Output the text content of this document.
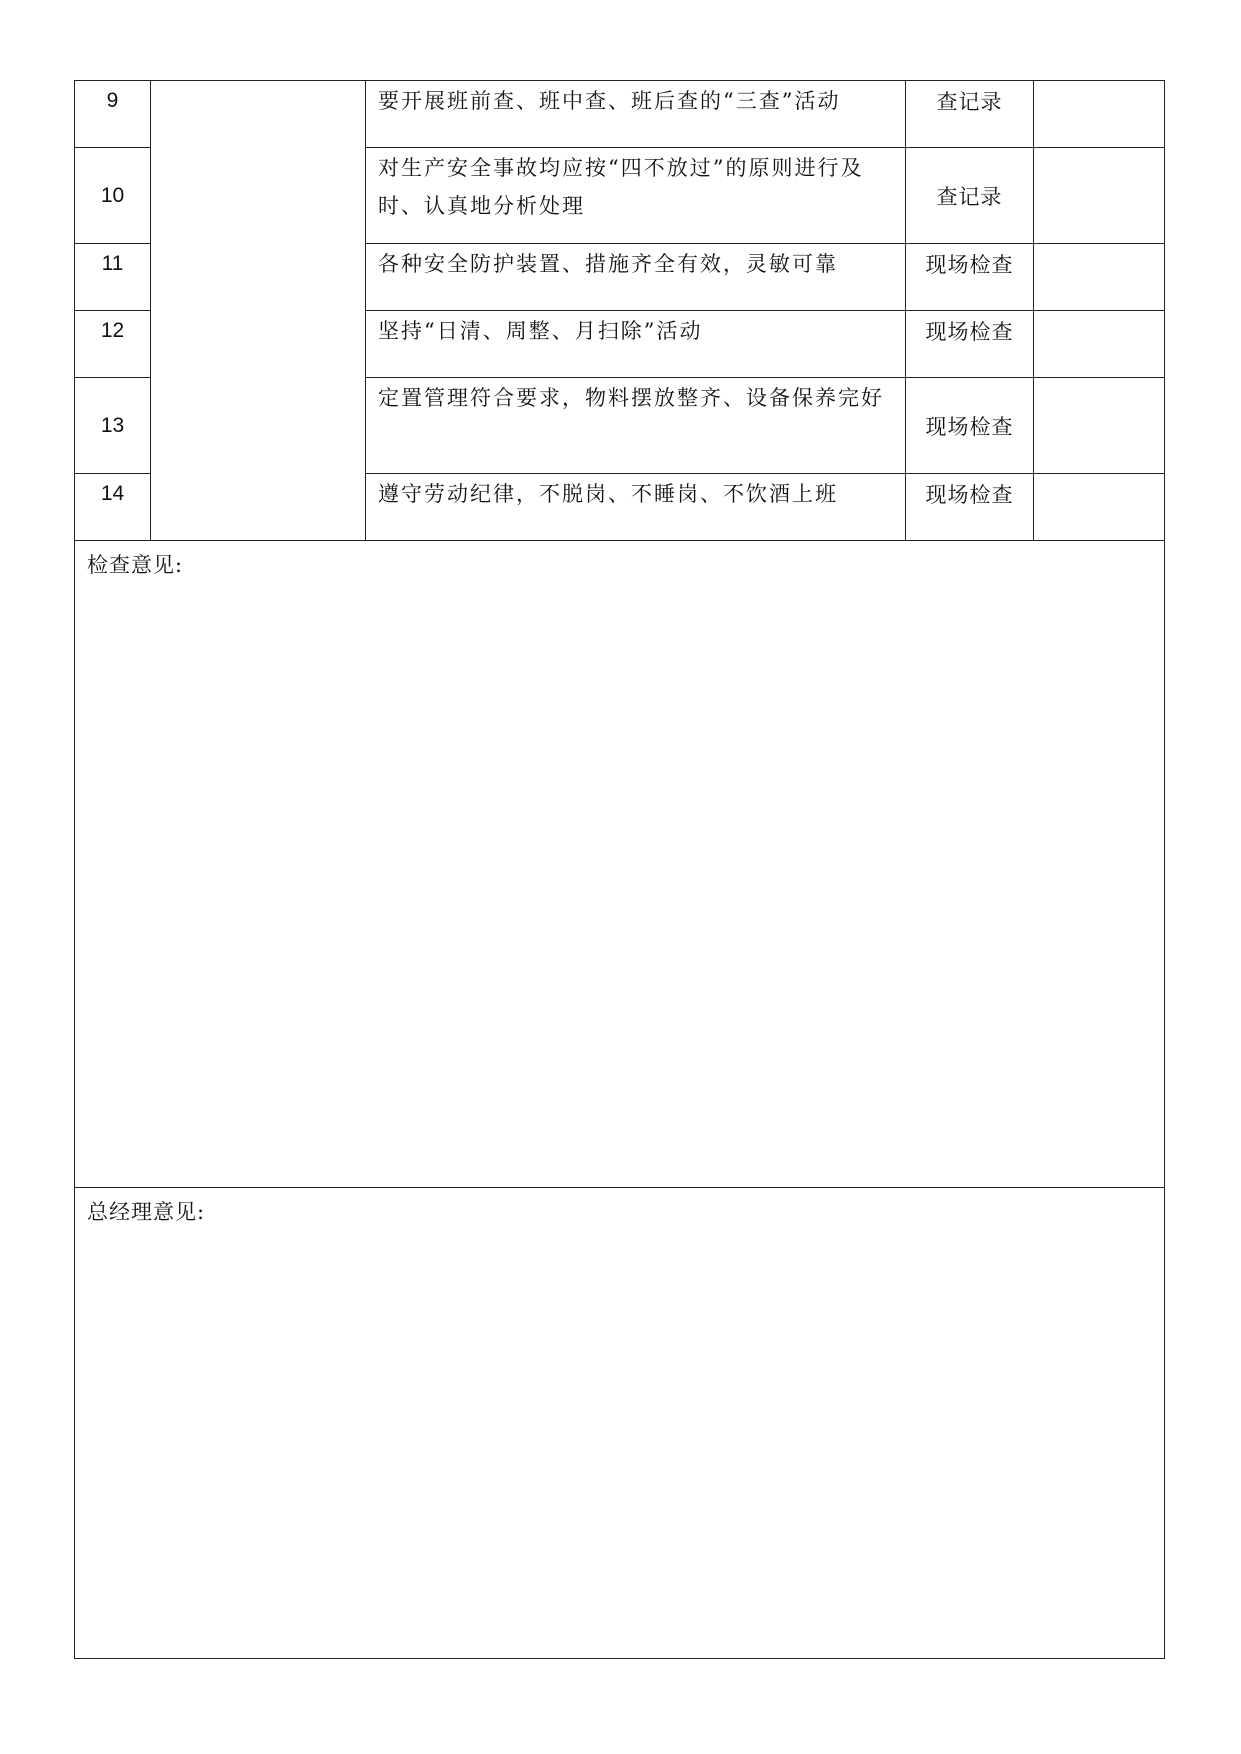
9		要开展班前查、班中查、班后查的“三查”活动	查记录	
10		对生产安全事故均应按“四不放过”的原则进行及时、认真地分析处理	查记录	
11		各种安全防护装置、措施齐全有效，灵敏可靠	现场检查	
12		坚持“日清、周整、月扫除”活动	现场检查	
13		定置管理符合要求，物料摆放整齐、设备保养完好	现场检查	
14		遵守劳动纪律，不脱岗、不睡岗、不饮酒上班	现场检查	
检查意见:				
总经理意见:				
